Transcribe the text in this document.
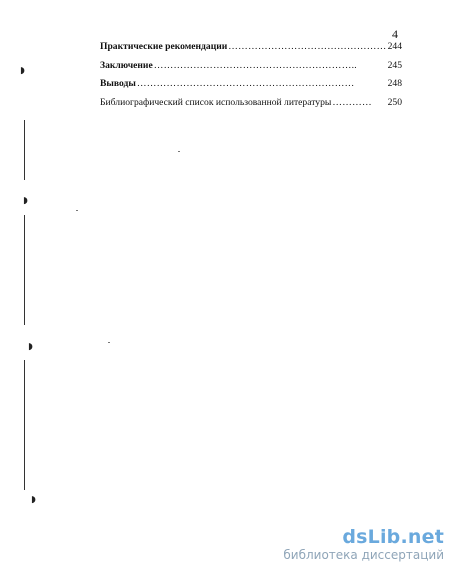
4
Практические рекомендации ………………………………………… 244
Заключение ……………………………………………………..	245
Выводы …………………………………………………………	248
Библиографический список использованной литературы …………	250
◗
◗
◗
◗
dsLib.net
библиотека диссертаций
